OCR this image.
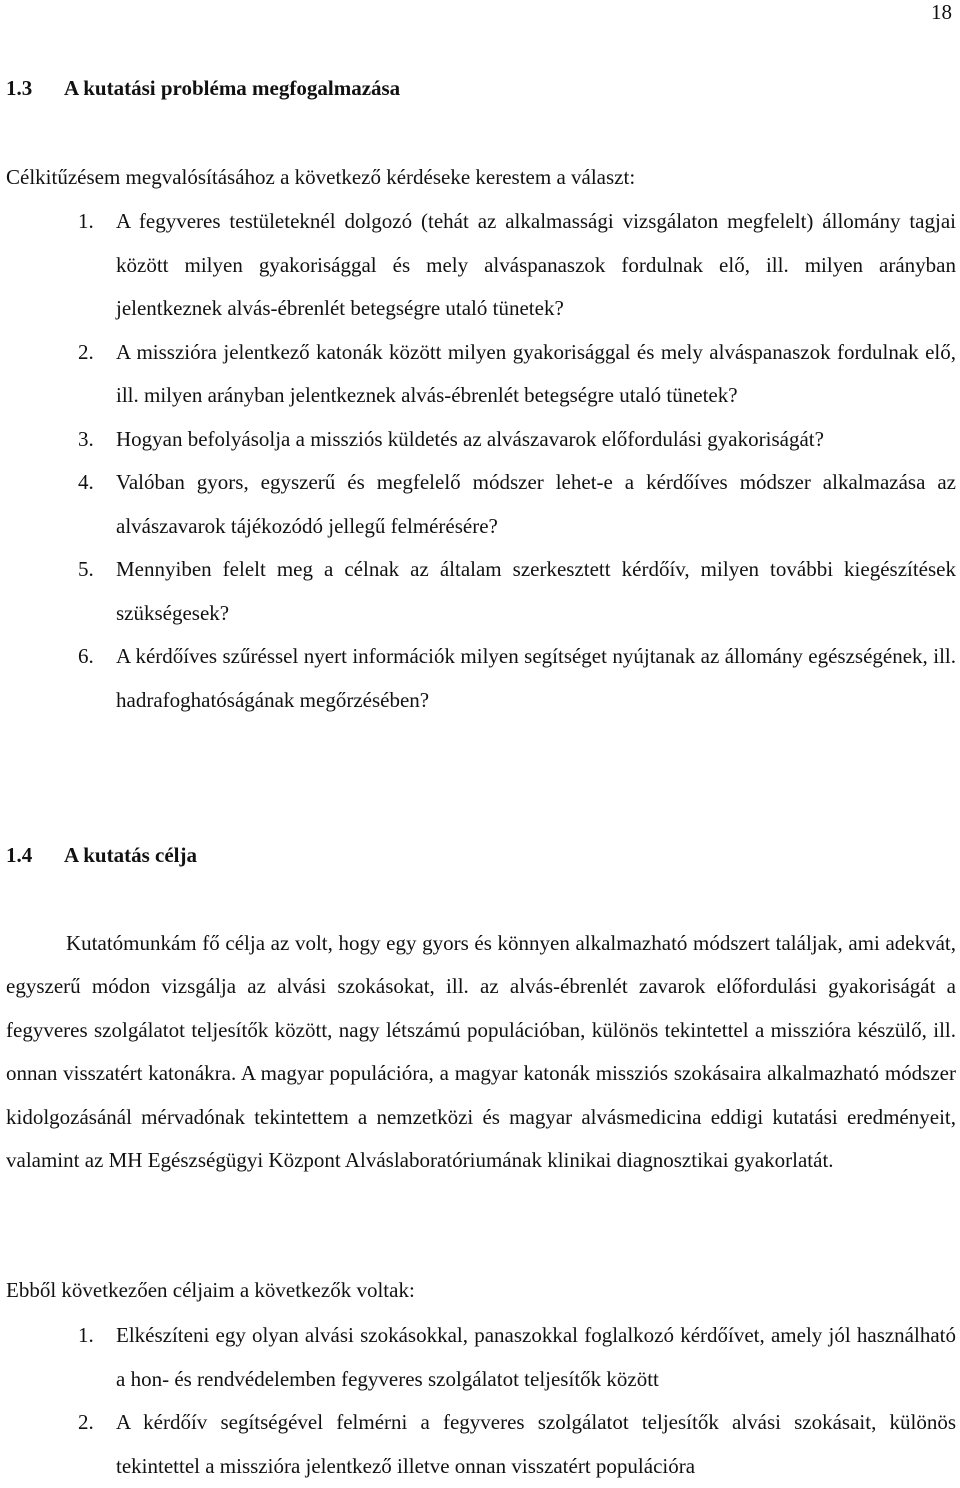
18
1.3 A kutatási probléma megfogalmazása
Célkitűzésem megvalósításához a következő kérdéseke kerestem a választ:
1. A fegyveres testületeknél dolgozó (tehát az alkalmassági vizsgálaton megfelelt) állomány tagjai között milyen gyakorisággal és mely alváspanaszok fordulnak elő, ill. milyen arányban jelentkeznek alvás-ébrenlét betegségre utaló tünetek?
2. A misszióra jelentkező katonák között milyen gyakorisággal és mely alváspanaszok fordulnak elő, ill. milyen arányban jelentkeznek alvás-ébrenlét betegségre utaló tünetek?
3. Hogyan befolyásolja a missziós küldetés az alvászavarok előfordulási gyakoriságát?
4. Valóban gyors, egyszerű és megfelelő módszer lehet-e a kérdőíves módszer alkalmazása az alvászavarok tájékozódó jellegű felmérésére?
5. Mennyiben felelt meg a célnak az általam szerkesztett kérdőív, milyen további kiegészítések szükségesek?
6. A kérdőíves szűréssel nyert információk milyen segítséget nyújtanak az állomány egészségének, ill. hadrafoghatóságának megőrzésében?
1.4 A kutatás célja

Kutatómunkám fő célja az volt, hogy egy gyors és könnyen alkalmazható módszert találjak, ami adekvát, egyszerű módon vizsgálja az alvási szokásokat, ill. az alvás-ébrenlét zavarok előfordulási gyakoriságát a fegyveres szolgálatot teljesítők között, nagy létszámú populációban, különös tekintettel a misszióra készülő, ill. onnan visszatért katonákra. A magyar populációra, a magyar katonák missziós szokásaira alkalmazható módszer kidolgozásánál mérvadónak tekintettem a nemzetközi és magyar alvásmedicina eddigi kutatási eredményeit, valamint az MH Egészségügyi Központ Alváslaboratóriumának klinikai diagnosztikai gyakorlatát.

Ebből következően céljaim a következők voltak:
1. Elkészíteni egy olyan alvási szokásokkal, panaszokkal foglalkozó kérdőívet, amely jól használható a hon- és rendvédelemben fegyveres szolgálatot teljesítők között
2. A kérdőív segítségével felmérni a fegyveres szolgálatot teljesítők alvási szokásait, különös tekintettel a misszióra jelentkező illetve onnan visszatért populációra
